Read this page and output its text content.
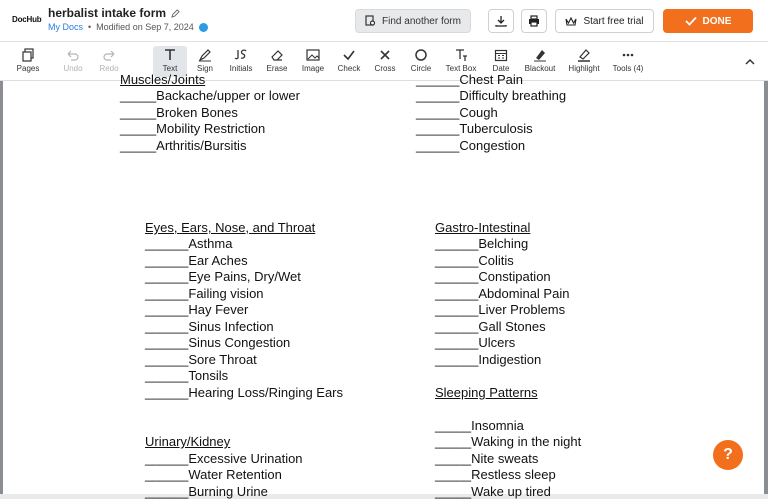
DocHub herbalist intake form
My Docs • Modified on Sep 7, 2024
Find another form	Start free trial	DONE
Pages	Undo Redo	Text Sign Initials Erase Image Check Cross Circle Text Box Date Blackout Highlight Tools (4)
Muscles/Joints	______Chest Pain
_____Backache/upper or lower
_____Broken Bones
_____Mobility Restriction
_____Arthritis/Bursitis
______Difficulty breathing
______Cough
______Tuberculosis
______Congestion
Eyes, Ears, Nose, and Throat
______Asthma
______Ear Aches
______Eye Pains, Dry/Wet
______Failing vision
______Hay Fever
______Sinus Infection
______Sinus Congestion
______Sore Throat
______Tonsils
______Hearing Loss/Ringing Ears
Urinary/Kidney
______Excessive Urination
______Water Retention
______Burning Urine
Gastro-Intestinal
______Belching
______Colitis
______Constipation
______Abdominal Pain
______Liver Problems
______Gall Stones
______Ulcers
______Indigestion
Sleeping Patterns
_____Insomnia
_____Waking in the night
_____Nite sweats
_____Restless sleep
_____Wake up tired
?
